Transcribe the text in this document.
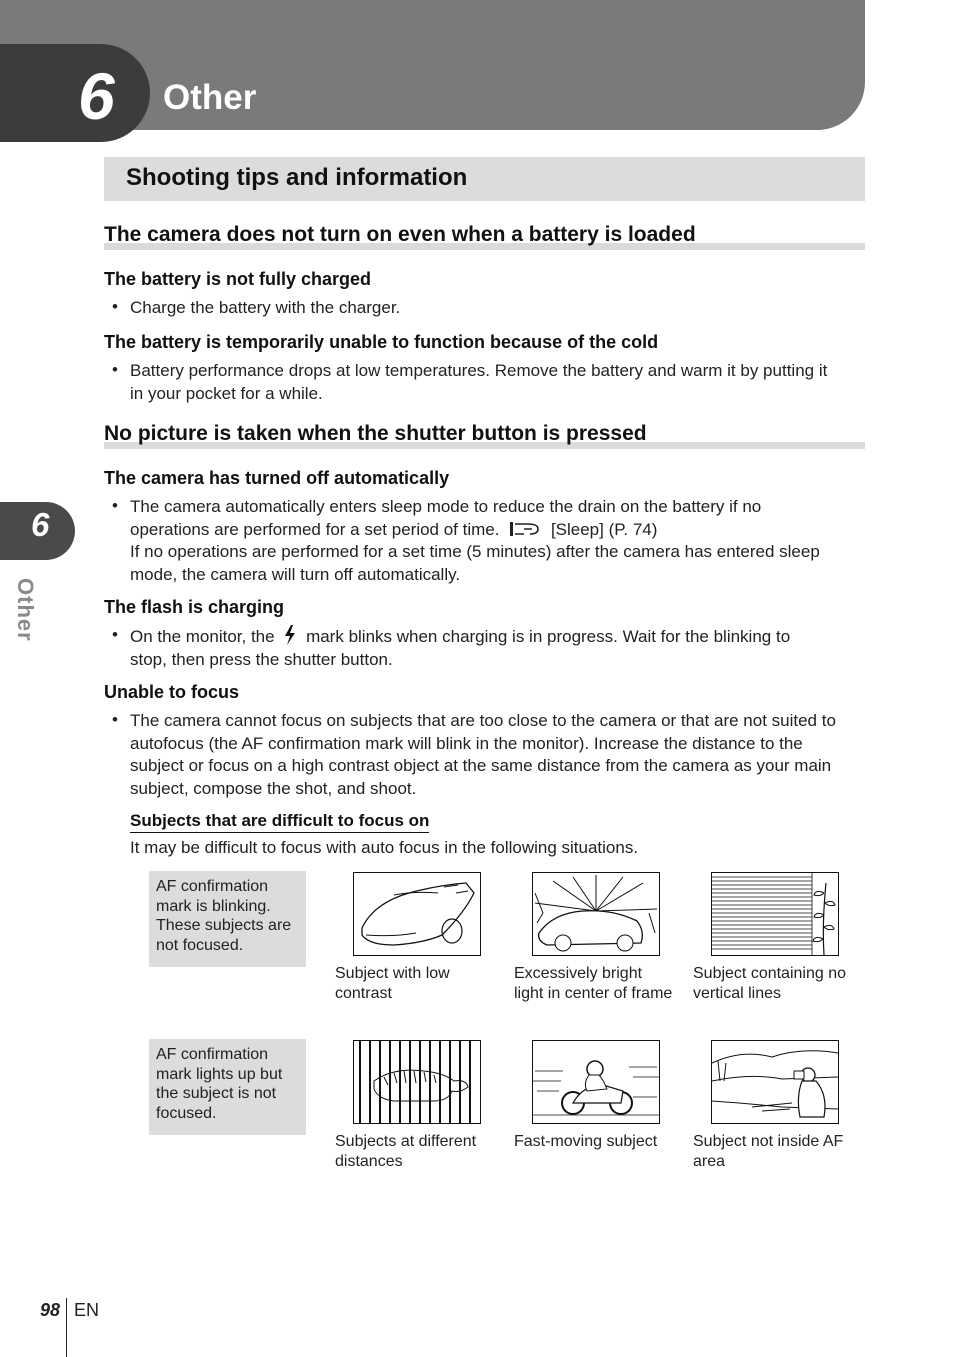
6 Other
Shooting tips and information
The camera does not turn on even when a battery is loaded
The battery is not fully charged
• Charge the battery with the charger.
The battery is temporarily unable to function because of the cold
• Battery performance drops at low temperatures. Remove the battery and warm it by putting it in your pocket for a while.
No picture is taken when the shutter button is pressed
The camera has turned off automatically
• The camera automatically enters sleep mode to reduce the drain on the battery if no
operations are performed for a set period of time.	[Sleep] (P. 74)
If no operations are performed for a set time (5 minutes) after the camera has entered sleep mode, the camera will turn off automatically.
The flash is charging
• On the monitor, the mark blinks when charging is in progress. Wait for the blinking to
stop, then press the shutter button.
Unable to focus
• The camera cannot focus on subjects that are too close to the camera or that are not suited to autofocus (the AF confirmation mark will blink in the monitor). Increase the distance to the subject or focus on a high contrast object at the same distance from the camera as your main subject, compose the shot, and shoot.
Subjects that are difficult to focus on
It may be difficult to focus with auto focus in the following situations.
AF confirmation mark is blinking. These subjects are not focused.
Subject with low contrast
Excessively bright light in center of frame
Subject containing no vertical lines
AF confirmation mark lights up but the subject is not focused.
Subjects at different distances
Fast-moving subject	Subject not inside AF area
6
Other
98 EN
